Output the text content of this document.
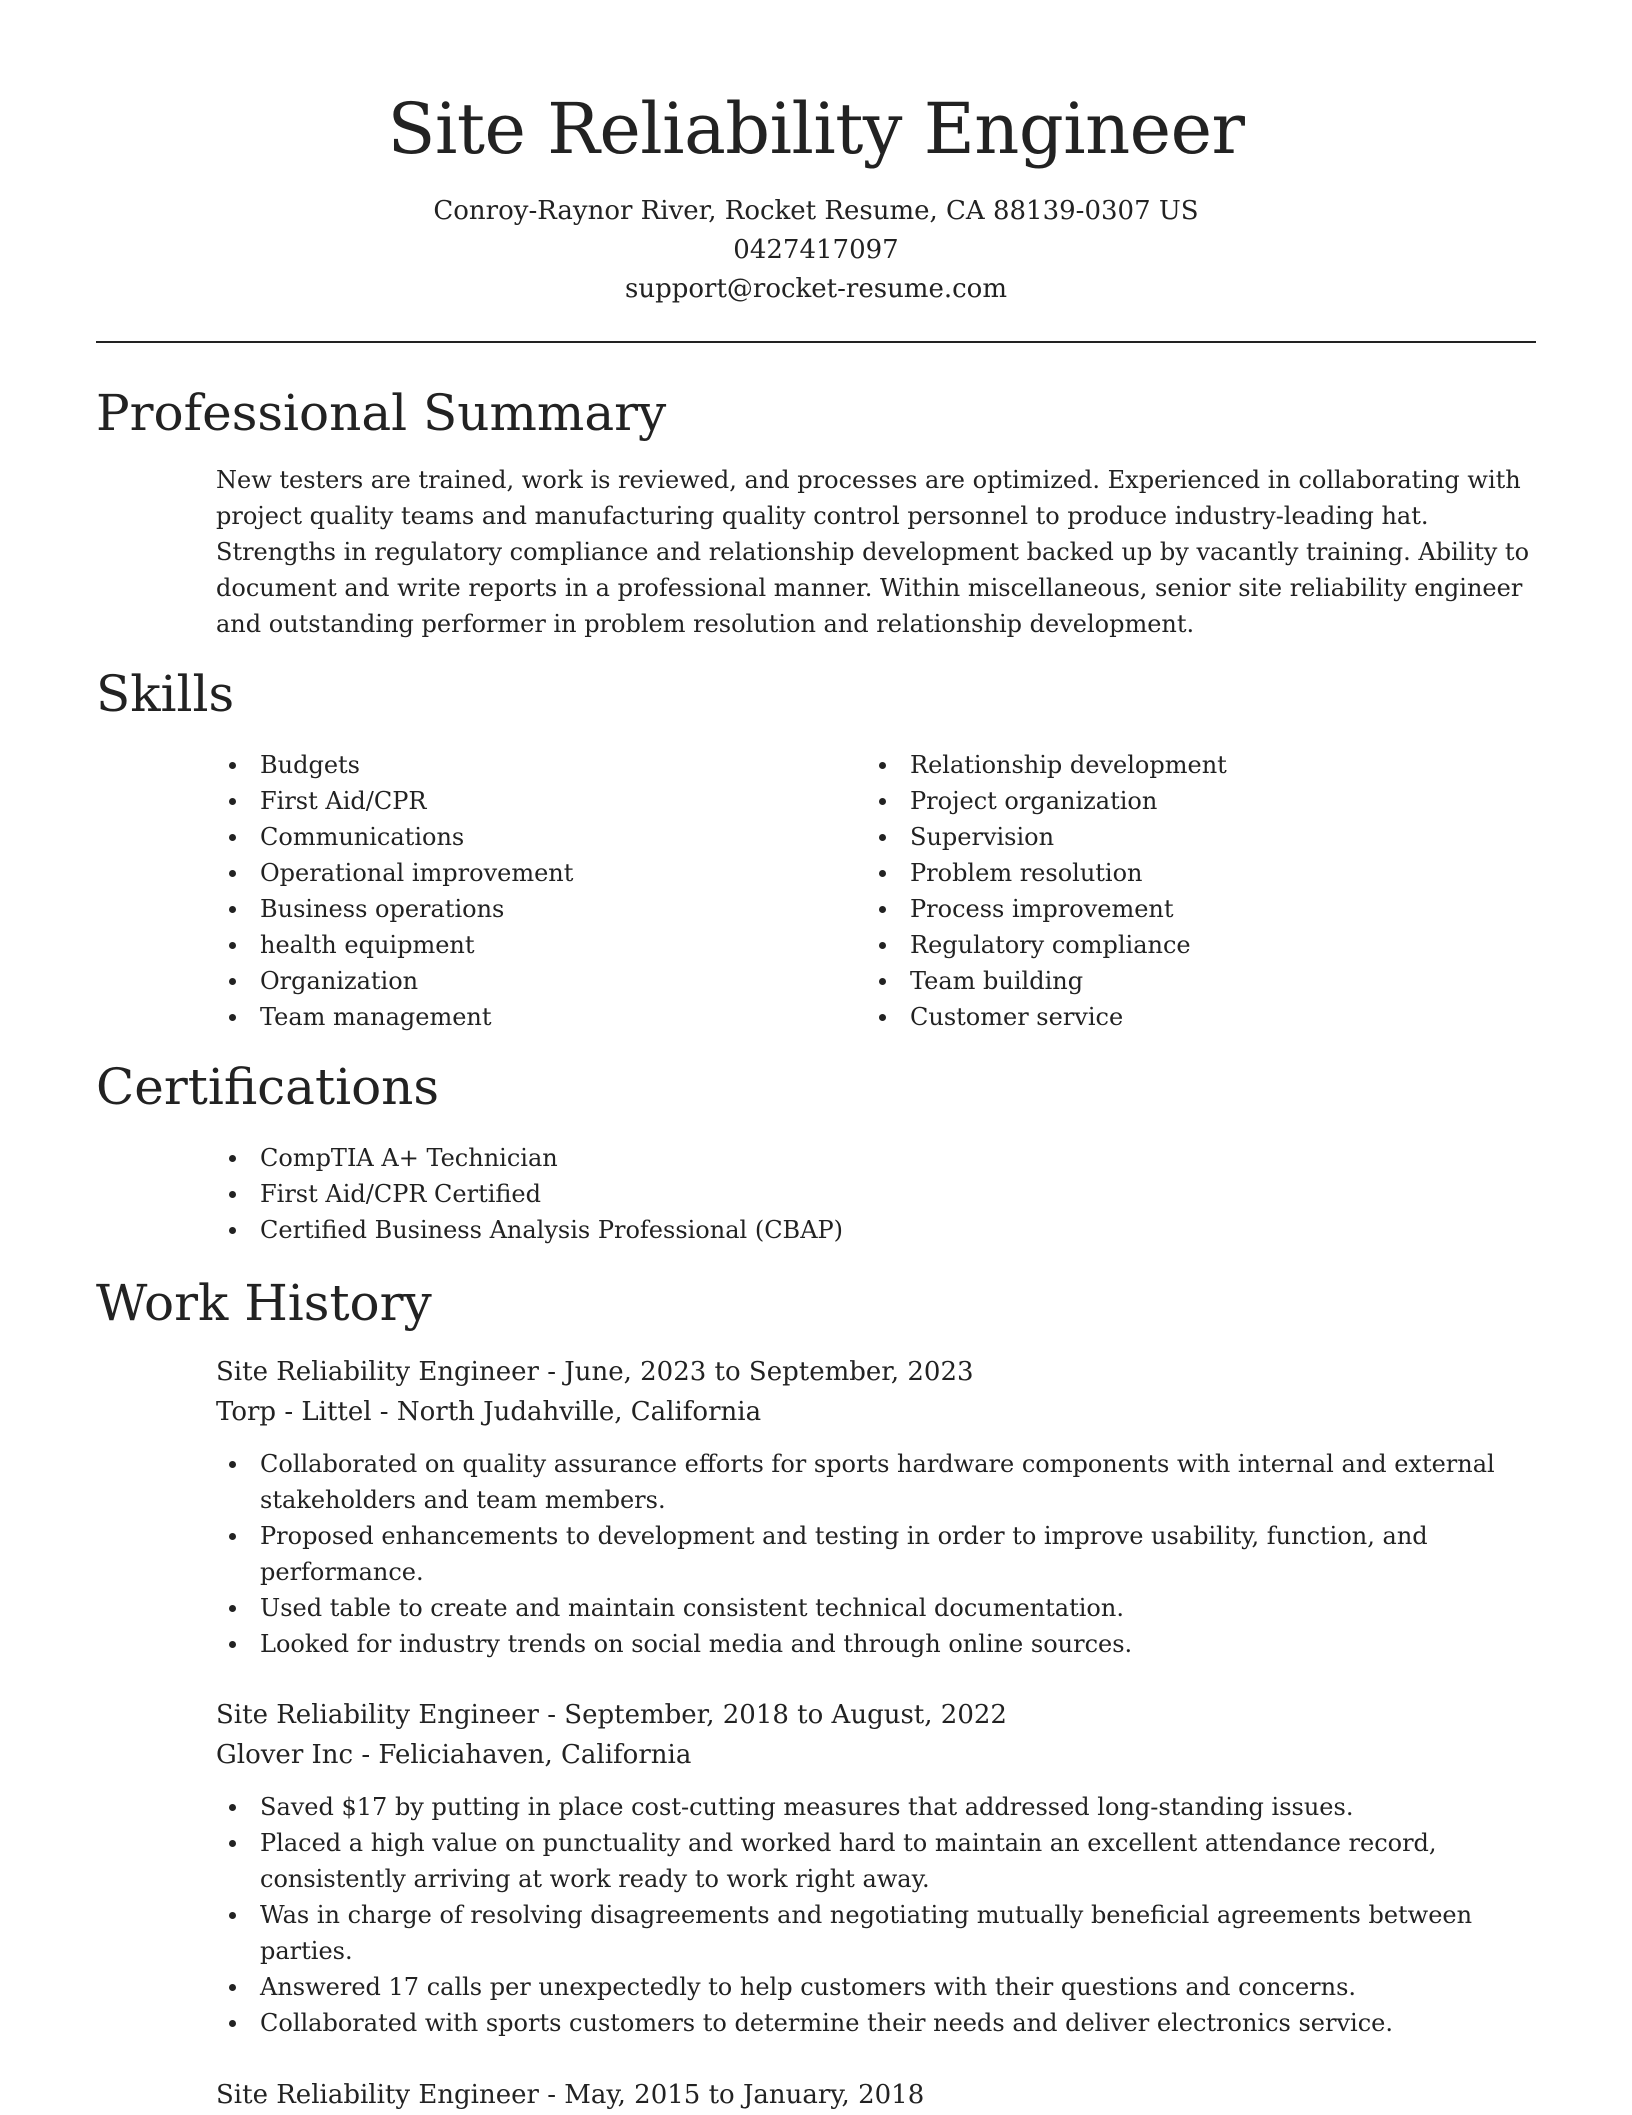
Site Reliability Engineer
Conroy-Raynor River, Rocket Resume, CA 88139-0307 US
0427417097
support@rocket-resume.com
Professional Summary

New testers are trained, work is reviewed, and processes are optimized. Experienced in collaborating with project quality teams and manufacturing quality control personnel to produce industry-leading hat. Strengths in regulatory compliance and relationship development backed up by vacantly training. Ability to document and write reports in a professional manner. Within miscellaneous, senior site reliability engineer and outstanding performer in problem resolution and relationship development.

Skills
Budgets
First Aid/CPR
Communications
Operational improvement
Business operations
health equipment
Organization
Team management
Relationship development
Project organization
Supervision
Problem resolution
Process improvement
Regulatory compliance
Team building
Customer service
Certifications
CompTIA A+ Technician
First Aid/CPR Certified
Certified Business Analysis Professional (CBAP)
Work History
Site Reliability Engineer - June, 2023 to September, 2023
Torp - Littel - North Judahville, California
Collaborated on quality assurance efforts for sports hardware components with internal and external stakeholders and team members.
Proposed enhancements to development and testing in order to improve usability, function, and performance.
Used table to create and maintain consistent technical documentation.
Looked for industry trends on social media and through online sources.
Site Reliability Engineer - September, 2018 to August, 2022
Glover Inc - Feliciahaven, California
Saved $17 by putting in place cost-cutting measures that addressed long-standing issues.
Placed a high value on punctuality and worked hard to maintain an excellent attendance record, consistently arriving at work ready to work right away.
Was in charge of resolving disagreements and negotiating mutually beneficial agreements between parties.
Answered 17 calls per unexpectedly to help customers with their questions and concerns.
Collaborated with sports customers to determine their needs and deliver electronics service.
Site Reliability Engineer - May, 2015 to January, 2018
